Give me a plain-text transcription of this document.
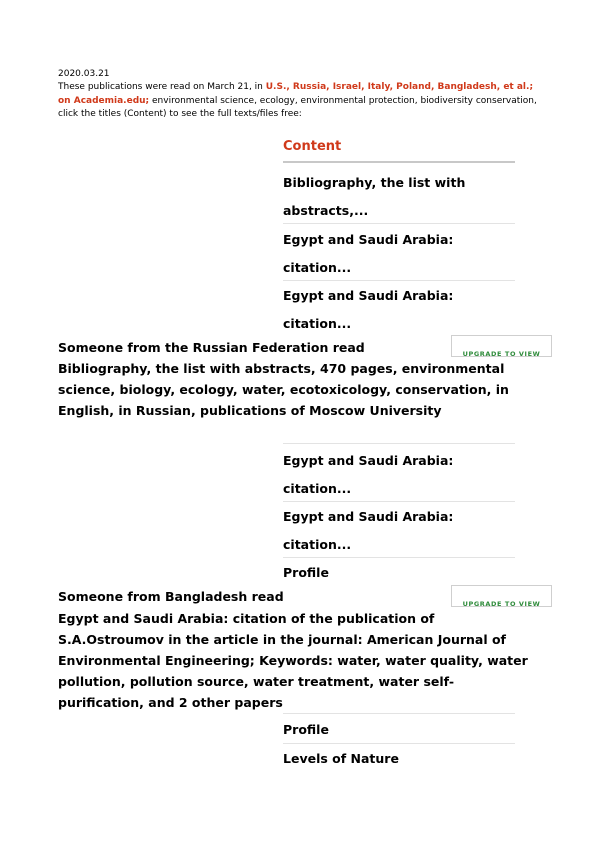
2020.03.21
These publications were read on March 21, in U.S., Russia, Israel, Italy, Poland, Bangladesh, et al.; on Academia.edu; environmental science, ecology, environmental protection, biodiversity conservation, click the titles (Content) to see the full texts/files free:
Content
Bibliography, the list with
abstracts,...
Egypt and Saudi Arabia:
citation...
Egypt and Saudi Arabia:
citation...
Someone from the Russian Federation read	UPGRADE TO VIEW
Bibliography, the list with abstracts, 470 pages, environmental science, biology, ecology, water, ecotoxicology, conservation, in English, in Russian, publications of Moscow University
Egypt and Saudi Arabia:
citation...
Egypt and Saudi Arabia:
citation...
Profile
Someone from Bangladesh read	UPGRADE TO VIEW
Egypt and Saudi Arabia: citation of the publication of S.A.Ostroumov in the article in the journal: American Journal of Environmental Engineering; Keywords: water, water quality, water pollution, pollution source, water treatment, water self-purification, and 2 other papers
Profile
Levels of Nature
